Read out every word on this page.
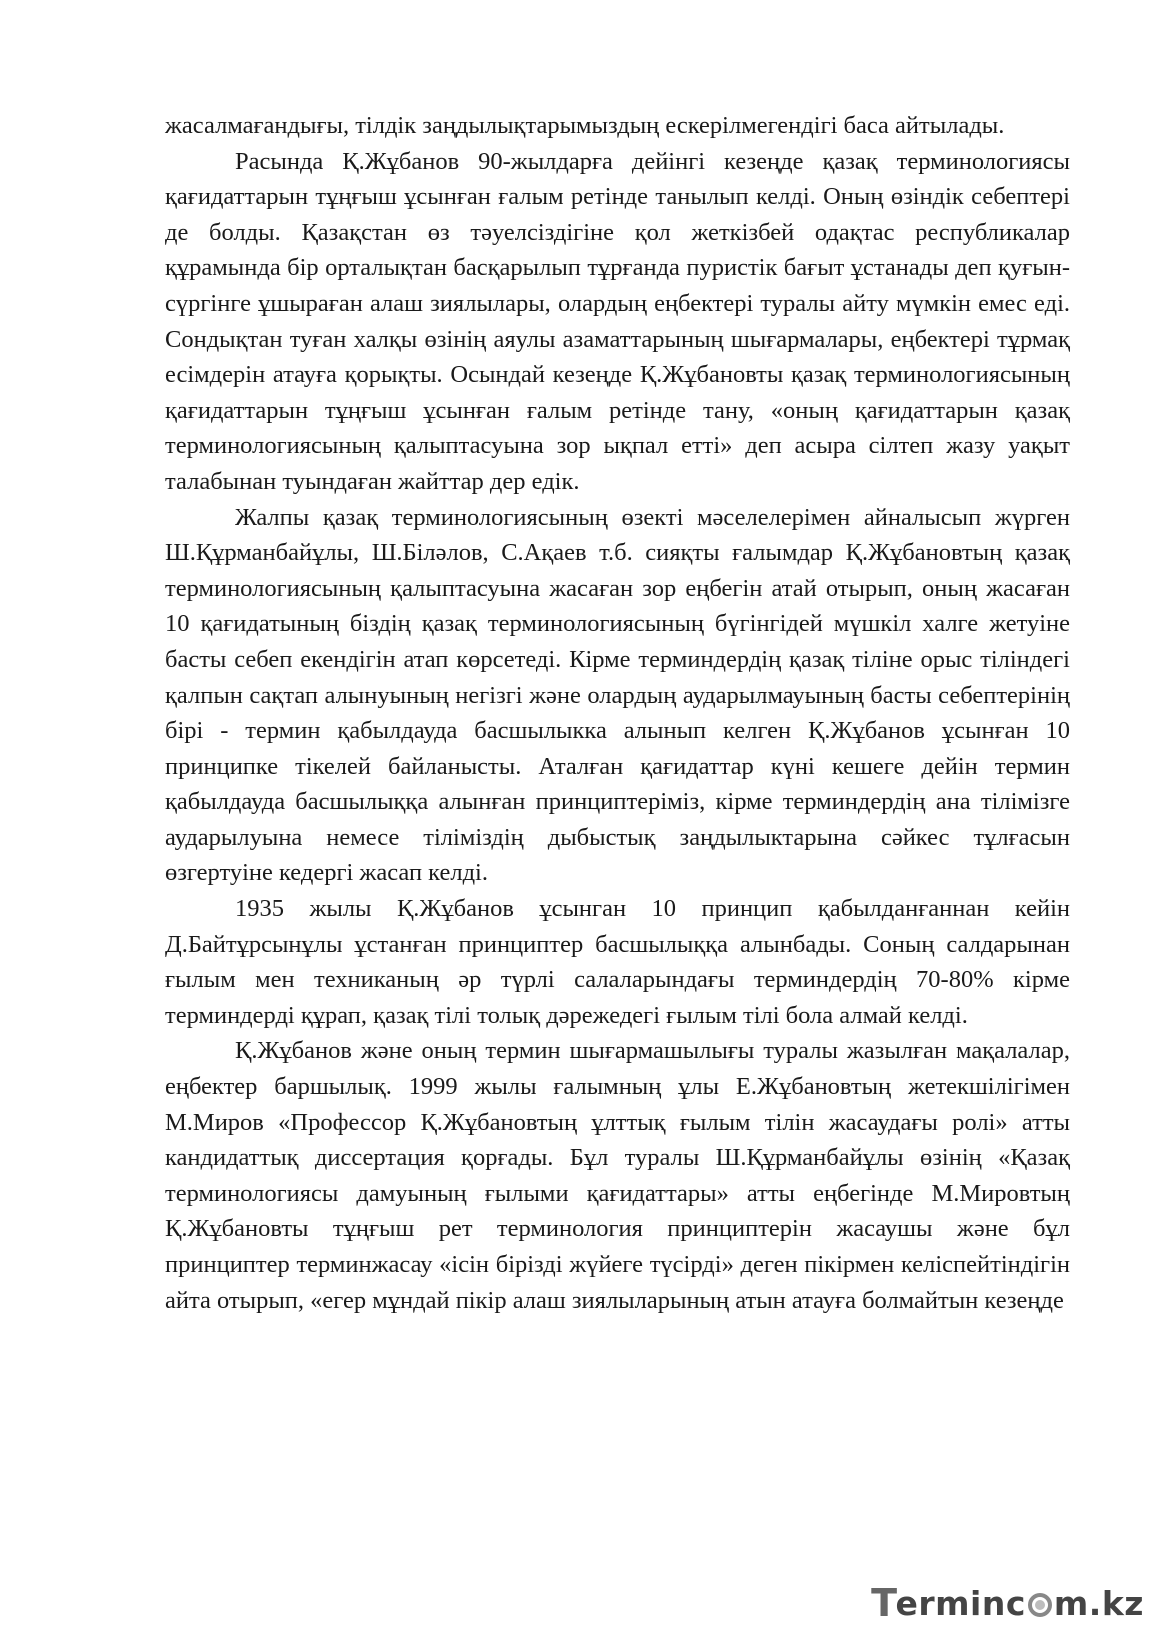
жасалмағандығы, тілдік заңдылықтарымыздың ескерілмегендігі баса айтылады.

Расында Қ.Жұбанов 90-жылдарға дейінгі кезеңде қазақ терминологиясы қағидаттарын тұңғыш ұсынған ғалым ретінде танылып келді. Оның өзіндік себептері де болды. Қазақстан өз тәуелсіздігіне қол жеткізбей одақтас республикалар құрамында бір орталықтан басқарылып тұрғанда пуристік бағыт ұстанады деп қуғын-сүргінге ұшыраған алаш зиялылары, олардың еңбектері туралы айту мүмкін емес еді. Сондықтан туған халқы өзінің аяулы азаматтарының шығармалары, еңбектері тұрмақ есімдерін атауға қорықты. Осындай кезеңде Қ.Жұбановты қазақ терминологиясының қағидаттарын тұңғыш ұсынған ғалым ретінде тану, «оның қағидаттарын қазақ терминологиясының қалыптасуына зор ықпал етті» деп асыра сілтеп жазу уақыт талабынан туындаған жайттар дер едік.

Жалпы қазақ терминологиясының өзекті мәселелерімен айналысып жүрген Ш.Құрманбайұлы, Ш.Біләлов, С.Ақаев т.б. сияқты ғалымдар Қ.Жұбановтың қазақ терминологиясының қалыптасуына жасаған зор еңбегін атай отырып, оның жасаған 10 қағидатының біздің қазақ терминологиясының бүгінгідей мүшкіл халге жетуіне басты себеп екендігін атап көрсетеді. Кірме терминдердің қазақ тіліне орыс тіліндегі қалпын сақтап алынуының негізгі және олардың аударылмауының басты себептерінің бірі - термин қабылдауда басшылыкка алынып келген Қ.Жұбанов ұсынған 10 принципке тікелей байланысты. Аталған қағидаттар күні кешеге дейін термин қабылдауда басшылыққа алынған принциптеріміз, кірме терминдердің ана тілімізге аударылуына немесе тіліміздің дыбыстық заңдылыктарына сәйкес тұлғасын өзгертуіне кедергі жасап келді.

1935 жылы Қ.Жұбанов ұсынган 10 принцип қабылданғаннан кейін Д.Байтұрсынұлы ұстанған принциптер басшылыққа алынбады. Соның салдарынан ғылым мен техниканың әр түрлі салаларындағы терминдердің 70-80% кірме терминдерді құрап, қазақ тілі толық дәрежедегі ғылым тілі бола алмай келді.

Қ.Жұбанов және оның термин шығармашылығы туралы жазылған мақалалар, еңбектер баршылық. 1999 жылы ғалымның ұлы Е.Жұбановтың жетекшілігімен М.Миров «Профессор Қ.Жұбановтың ұлттық ғылым тілін жасаудағы ролі» атты кандидаттық диссертация қорғады. Бұл туралы Ш.Құрманбайұлы өзінің «Қазақ терминологиясы дамуының ғылыми қағидаттары» атты еңбегінде М.Мировтың Қ.Жұбановты тұңғыш рет терминология принциптерін жасаушы және бұл принциптер терминжасау «ісін бірізді жүйеге түсірді» деген пікірмен келіспейтіндігін айта отырып, «егер мұндай пікір алаш зиялыларының атын атауға болмайтын кезеңде

T
erminc m.kz
